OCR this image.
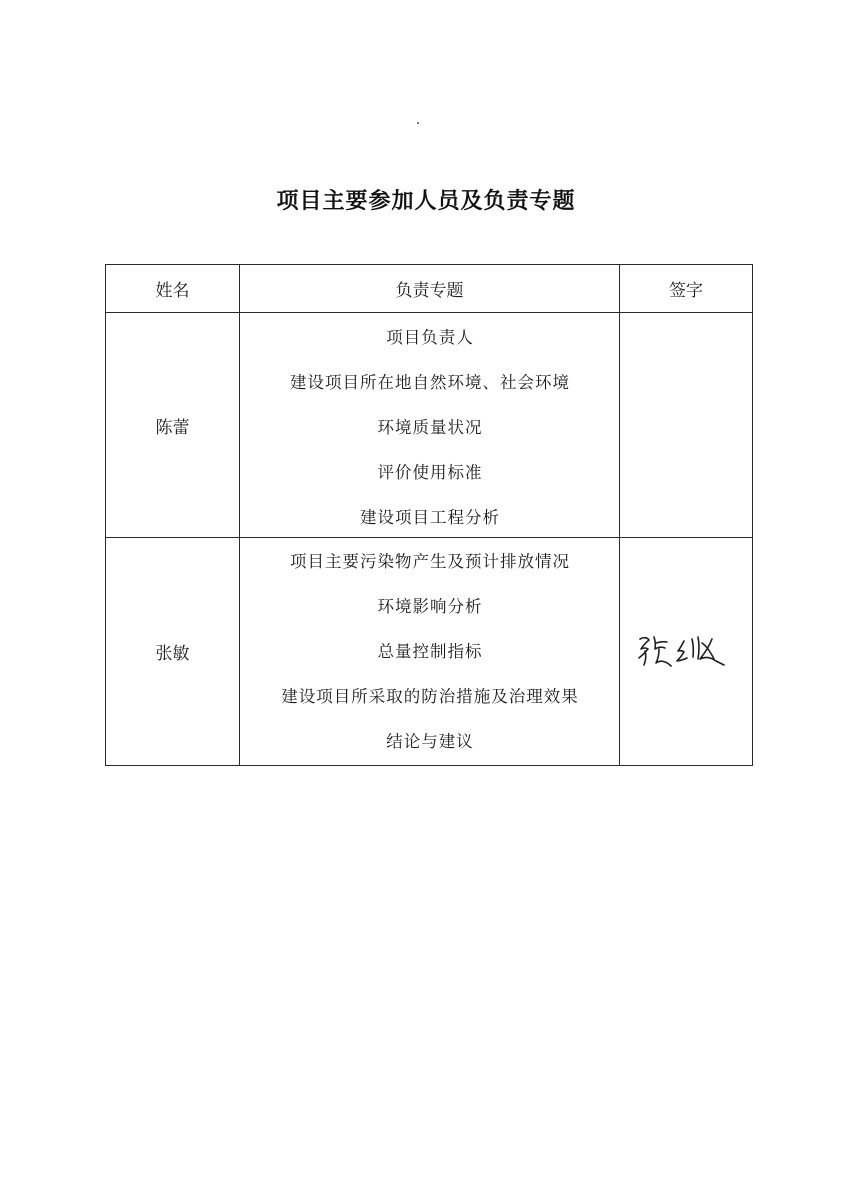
项目主要参加人员及负责专题
姓名	负责专题	签字
陈蕾
项目负责人
建设项目所在地自然环境、社会环境
环境质量状况
评价使用标准
建设项目工程分析
张敏
项目主要污染物产生及预计排放情况
环境影响分析
总量控制指标
建设项目所采取的防治措施及治理效果
结论与建议
